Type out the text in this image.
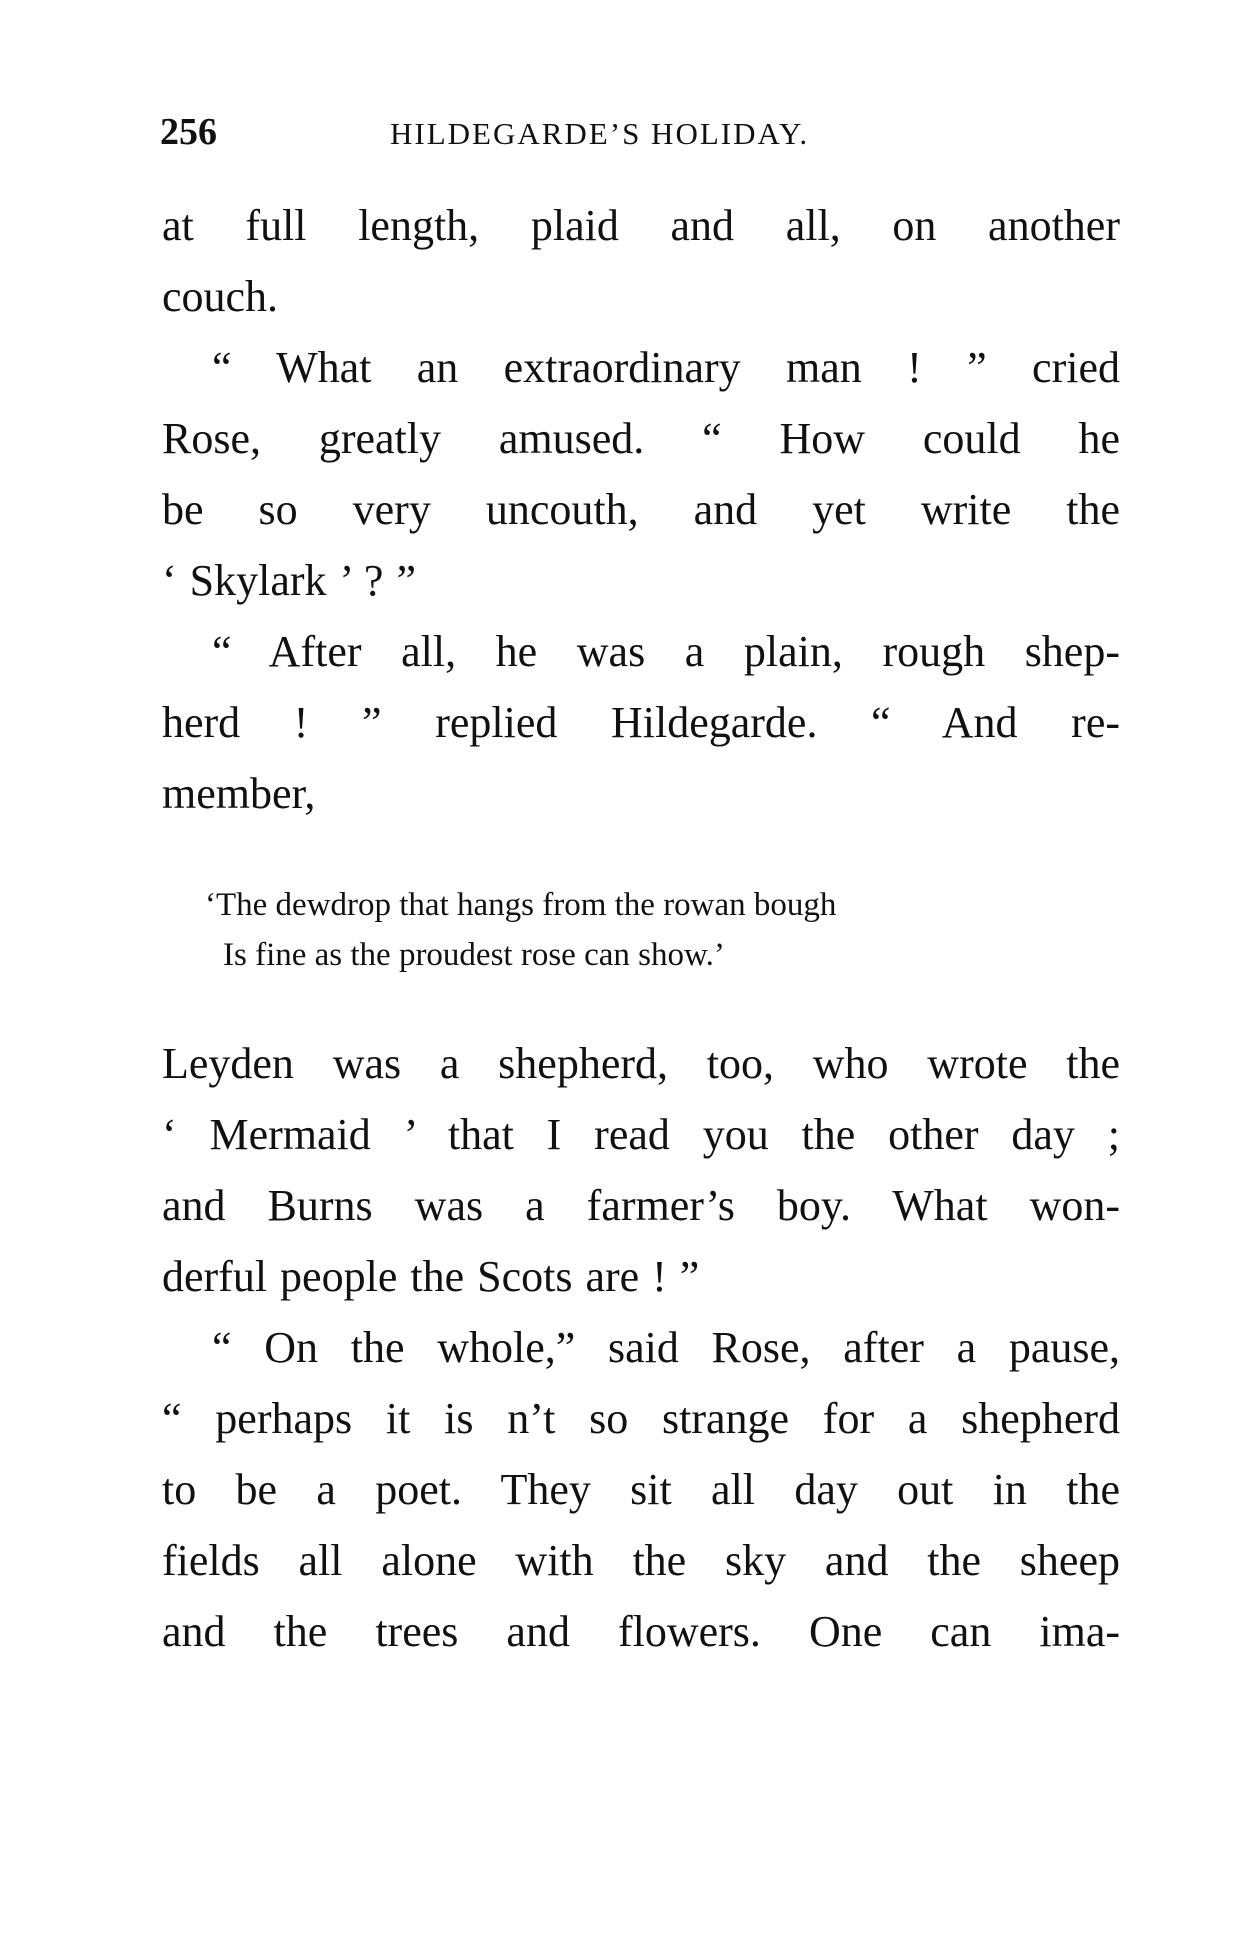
256	HILDEGARDE’S HOLIDAY.
at full length, plaid and all, on another
couch.
“ What an extraordinary man ! ” cried
Rose, greatly amused. “ How could he
be so very uncouth, and yet write the
‘ Skylark ’ ? ”
“ After all, he was a plain, rough shep-
herd ! ” replied Hildegarde. “ And re-
member,
‘The dewdrop that hangs from the rowan bough
Is fine as the proudest rose can show.’
Leyden was a shepherd, too, who wrote the
‘ Mermaid ’ that I read you the other day ;
and Burns was a farmer’s boy. What won-
derful people the Scots are ! ”
“ On the whole,” said Rose, after a pause,
“ perhaps it is n’t so strange for a shepherd
to be a poet. They sit all day out in the
fields all alone with the sky and the sheep
and the trees and flowers. One can ima-
